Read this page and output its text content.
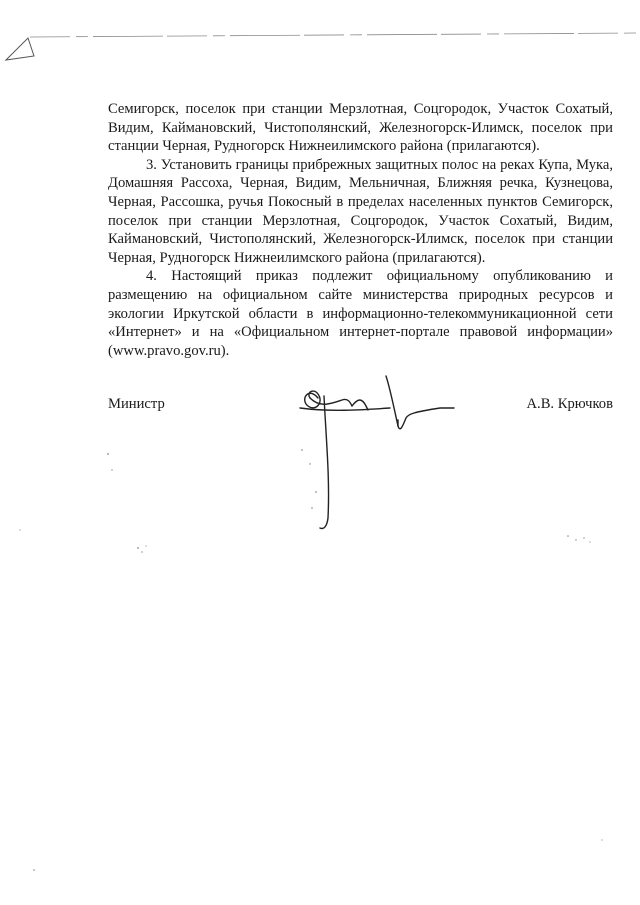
Семигорск, поселок при станции Мерзлотная, Соцгородок, Участок Сохатый, Видим, Каймановский, Чистополянский, Железногорск-Илимск, поселок при станции Черная, Рудногорск Нижнеилимского района (прилагаются).

3. Установить границы прибрежных защитных полос на реках Купа, Мука, Домашняя Рассоха, Черная, Видим, Мельничная, Ближняя речка, Кузнецова, Черная, Рассошка, ручья Покосный в пределах населенных пунктов Семигорск, поселок при станции Мерзлотная, Соцгородок, Участок Сохатый, Видим, Каймановский, Чистополянский, Железногорск-Илимск, поселок при станции Черная, Рудногорск Нижнеилимского района (прилагаются).

4. Настоящий приказ подлежит официальному опубликованию и размещению на официальном сайте министерства природных ресурсов и экологии Иркутской области в информационно-телекоммуникационной сети «Интернет» и на «Официальном интернет-портале правовой информации» (www.pravo.gov.ru).

Министр	А.В. Крючков
